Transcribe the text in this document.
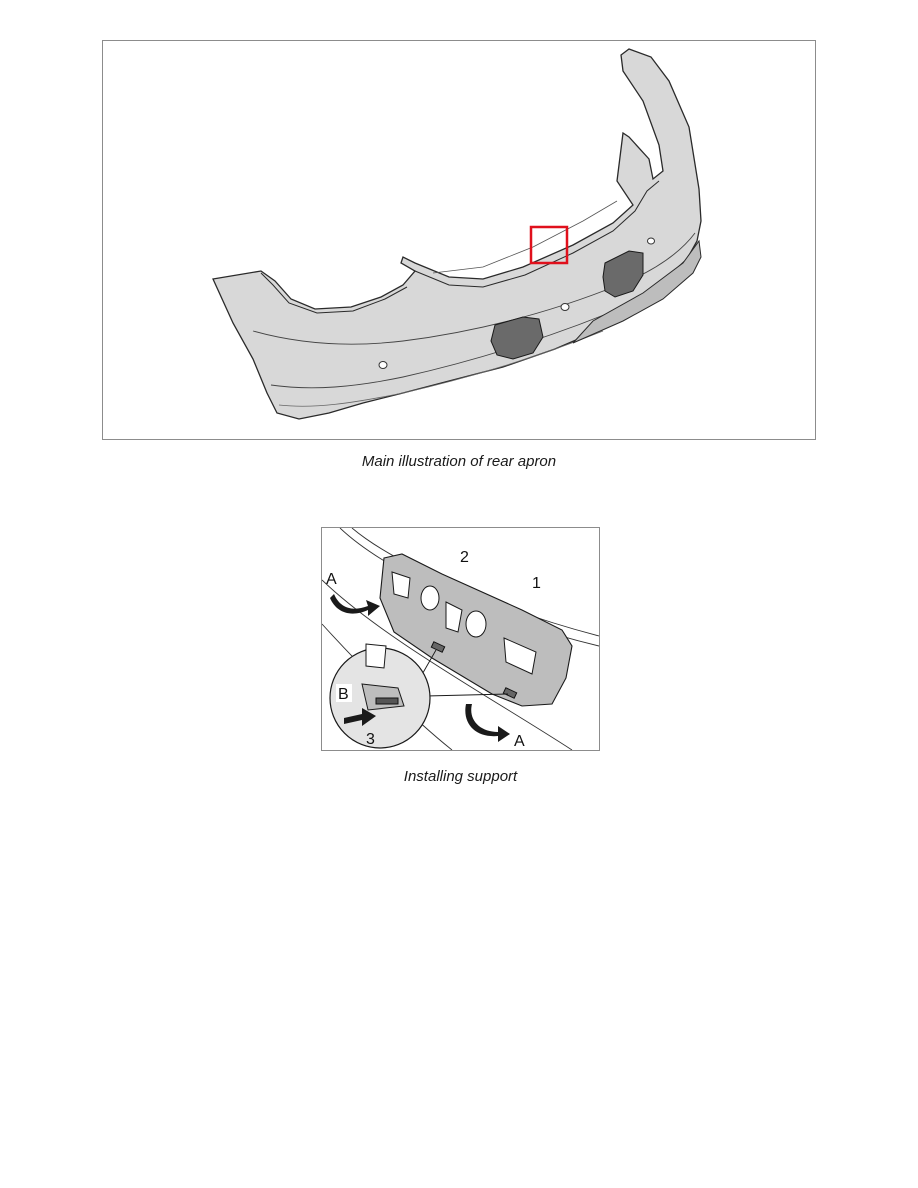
Main illustration of rear apron
2
1
A
B
3	A
Installing support
